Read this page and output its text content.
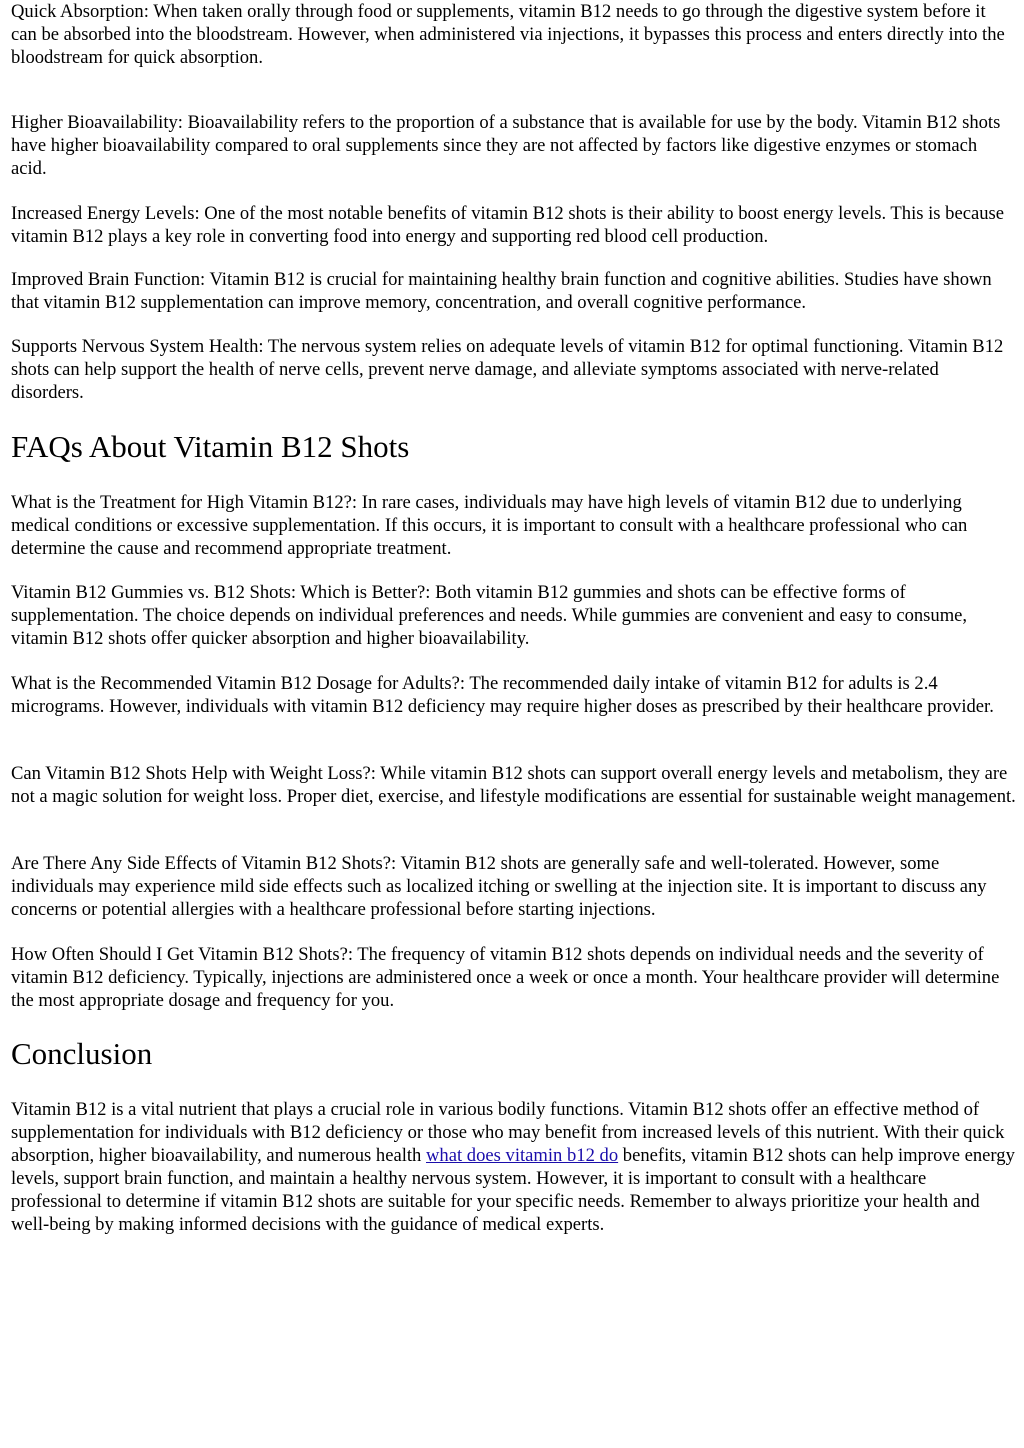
Quick Absorption: When taken orally through food or supplements, vitamin B12 needs to go through the digestive system before it can be absorbed into the bloodstream. However, when administered via injections, it bypasses this process and enters directly into the bloodstream for quick absorption.

Higher Bioavailability: Bioavailability refers to the proportion of a substance that is available for use by the body. Vitamin B12 shots have higher bioavailability compared to oral supplements since they are not affected by factors like digestive enzymes or stomach acid.

Increased Energy Levels: One of the most notable benefits of vitamin B12 shots is their ability to boost energy levels. This is because vitamin B12 plays a key role in converting food into energy and supporting red blood cell production.

Improved Brain Function: Vitamin B12 is crucial for maintaining healthy brain function and cognitive abilities. Studies have shown that vitamin B12 supplementation can improve memory, concentration, and overall cognitive performance.

Supports Nervous System Health: The nervous system relies on adequate levels of vitamin B12 for optimal functioning. Vitamin B12 shots can help support the health of nerve cells, prevent nerve damage, and alleviate symptoms associated with nerve-related disorders.

FAQs About Vitamin B12 Shots

What is the Treatment for High Vitamin B12?: In rare cases, individuals may have high levels of vitamin B12 due to underlying medical conditions or excessive supplementation. If this occurs, it is important to consult with a healthcare professional who can determine the cause and recommend appropriate treatment.

Vitamin B12 Gummies vs. B12 Shots: Which is Better?: Both vitamin B12 gummies and shots can be effective forms of supplementation. The choice depends on individual preferences and needs. While gummies are convenient and easy to consume, vitamin B12 shots offer quicker absorption and higher bioavailability.

What is the Recommended Vitamin B12 Dosage for Adults?: The recommended daily intake of vitamin B12 for adults is 2.4 micrograms. However, individuals with vitamin B12 deficiency may require higher doses as prescribed by their healthcare provider.

Can Vitamin B12 Shots Help with Weight Loss?: While vitamin B12 shots can support overall energy levels and metabolism, they are not a magic solution for weight loss. Proper diet, exercise, and lifestyle modifications are essential for sustainable weight management.

Are There Any Side Effects of Vitamin B12 Shots?: Vitamin B12 shots are generally safe and well-tolerated. However, some individuals may experience mild side effects such as localized itching or swelling at the injection site. It is important to discuss any concerns or potential allergies with a healthcare professional before starting injections.

How Often Should I Get Vitamin B12 Shots?: The frequency of vitamin B12 shots depends on individual needs and the severity of vitamin B12 deficiency. Typically, injections are administered once a week or once a month. Your healthcare provider will determine the most appropriate dosage and frequency for you.

Conclusion

Vitamin B12 is a vital nutrient that plays a crucial role in various bodily functions. Vitamin B12 shots offer an effective method of supplementation for individuals with B12 deficiency or those who may benefit from increased levels of this nutrient. With their quick absorption, higher bioavailability, and numerous health what does vitamin b12 do benefits, vitamin B12 shots can help improve energy levels, support brain function, and maintain a healthy nervous system. However, it is important to consult with a healthcare professional to determine if vitamin B12 shots are suitable for your specific needs. Remember to always prioritize your health and well-being by making informed decisions with the guidance of medical experts.
